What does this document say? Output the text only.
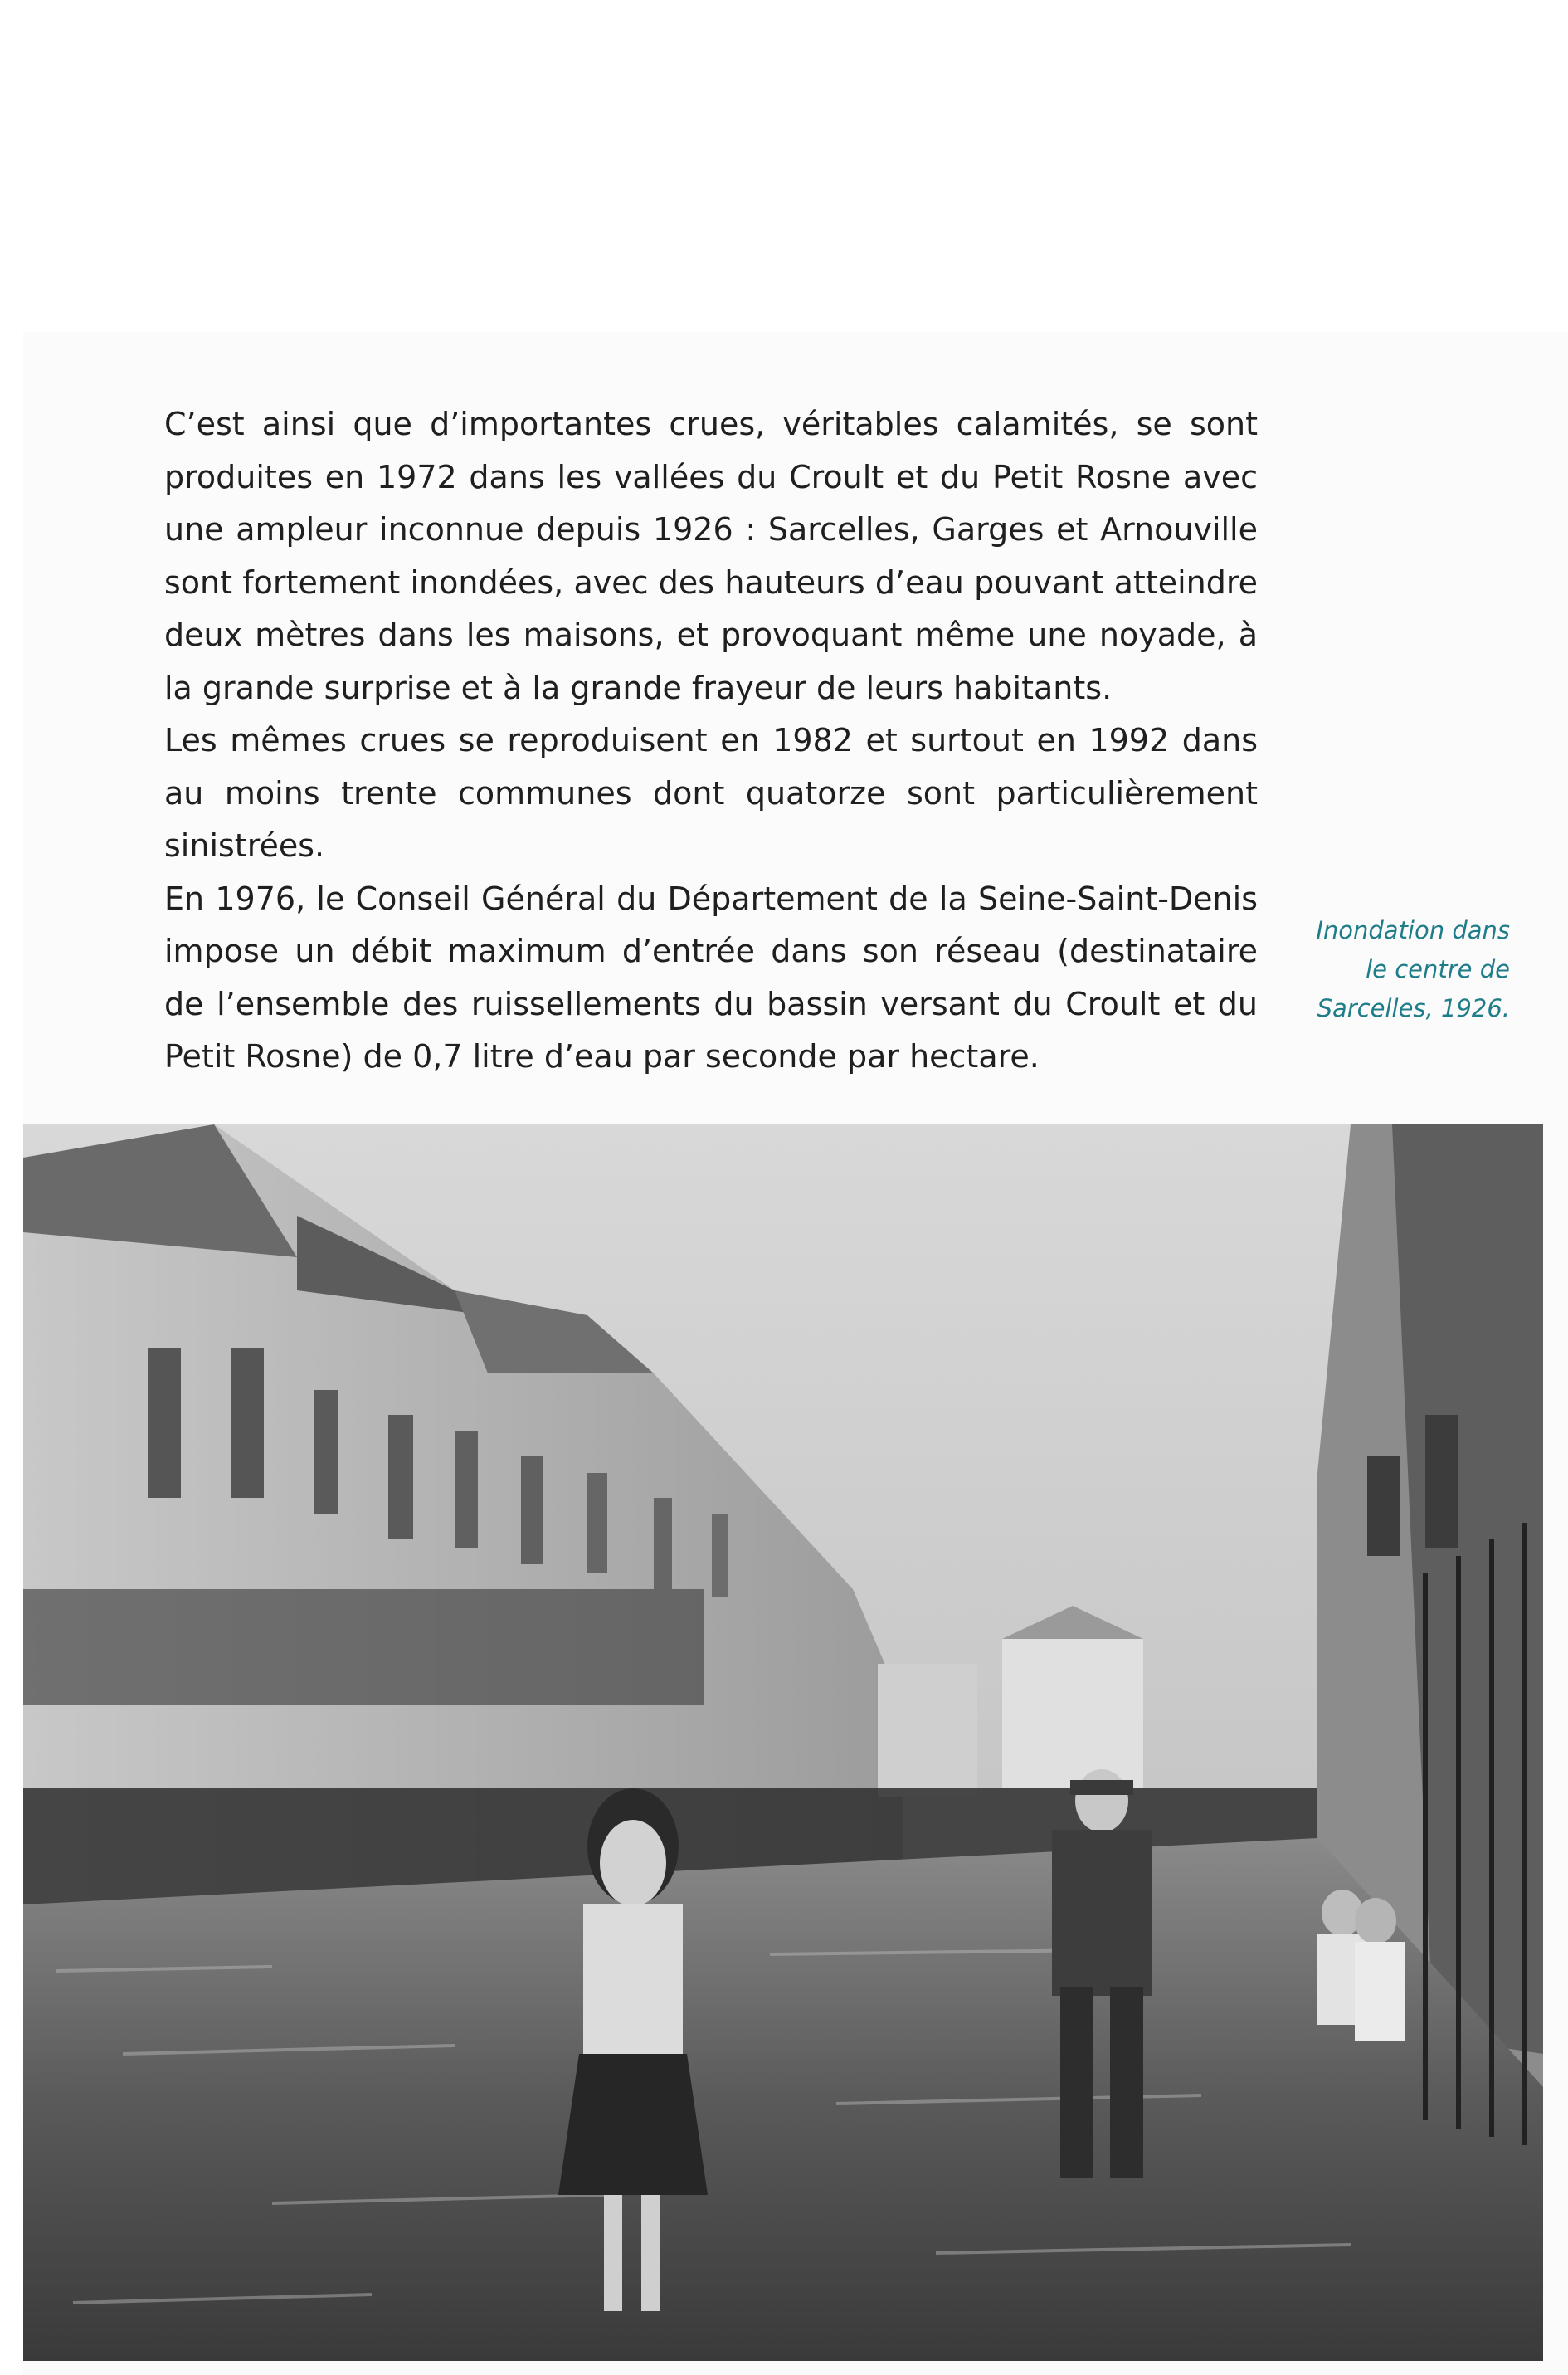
C’est ainsi que d’importantes crues, véritables calamités, se sont produites en 1972 dans les vallées du Croult et du Petit Rosne avec une ampleur inconnue depuis 1926 : Sarcelles, Garges et Arnouville sont fortement inondées, avec des hauteurs d’eau pouvant atteindre deux mètres dans les maisons, et provoquant même une noyade, à la grande surprise et à la grande frayeur de leurs habitants.

Les mêmes crues se reproduisent en 1982 et surtout en 1992 dans au moins trente communes dont quatorze sont particulièrement sinistrées.

En 1976, le Conseil Général du Département de la Seine-Saint-Denis impose un débit maximum d’entrée dans son réseau (destinataire de l’ensemble des ruissellements du bassin versant du Croult et du Petit Rosne) de 0,7 litre d’eau par seconde par hectare.

Inondation dans
le centre de
Sarcelles, 1926.
